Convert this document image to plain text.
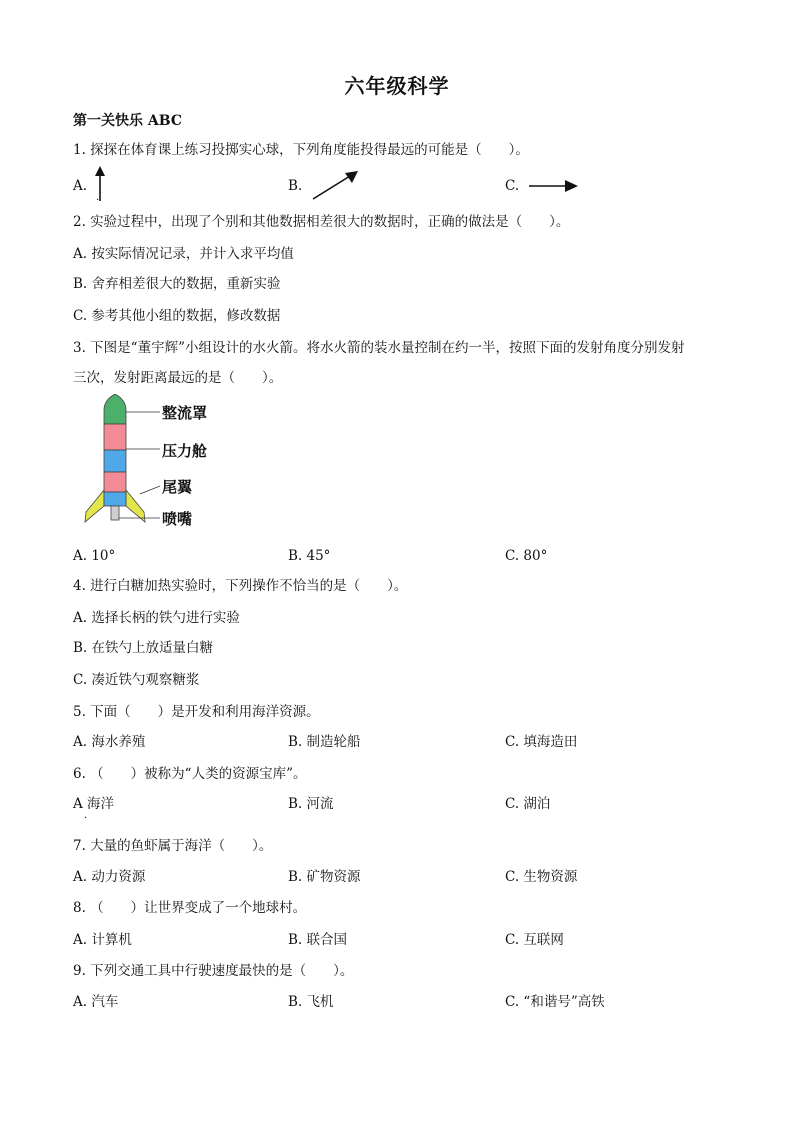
六年级科学
第一关快乐 ABC
1. 探探在体育课上练习投掷实心球，下列角度能投得最远的可能是（　　）。
A.
.
B.	C.
2. 实验过程中，出现了个别和其他数据相差很大的数据时，正确的做法是（　　）。
A. 按实际情况记录，并计入求平均值
B. 舍弃相差很大的数据，重新实验
C. 参考其他小组的数据，修改数据
3. 下图是“董宇辉”小组设计的水火箭。将水火箭的装水量控制在约一半，按照下面的发射角度分别发射
三次，发射距离最远的是（　　）。
整流罩
压力舱
尾翼
喷嘴
A. 10°	B. 45°	C. 80°
4. 进行白糖加热实验时，下列操作不恰当的是（　　）。
A. 选择长柄的铁勺进行实验
B. 在铁勺上放适量白糖
C. 凑近铁勺观察糖浆
5. 下面（　　）是开发和利用海洋资源。
A. 海水养殖	B. 制造轮船	C. 填海造田
6. （　　）被称为“人类的资源宝库”。
A 海洋	B. 河流	C. 湖泊
.
7. 大量的鱼虾属于海洋（　　）。
A. 动力资源	B. 矿物资源	C. 生物资源
8. （　　）让世界变成了一个地球村。
A. 计算机	B. 联合国	C. 互联网
9. 下列交通工具中行驶速度最快的是（　　）。
A. 汽车	B. 飞机	C. “和谐号”高铁
